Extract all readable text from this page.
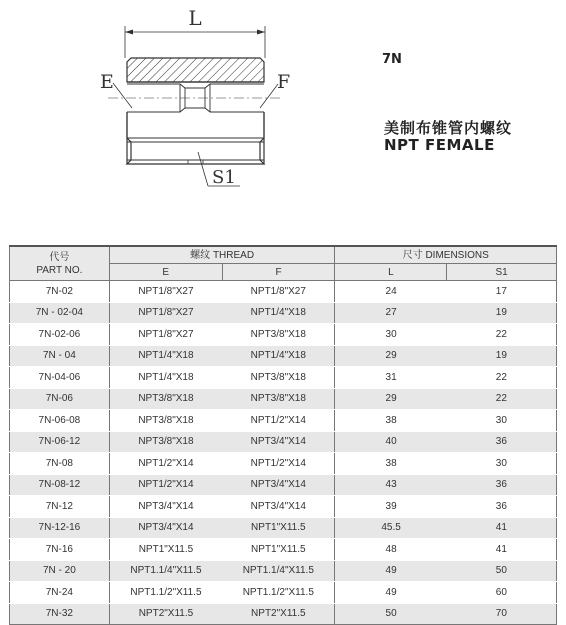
L
E	F
S1
7N
美制布锥管内螺纹
NPT FEMALE
代号
PART NO.	螺纹 THREAD		尺寸 DIMENSIONS	
	E	F	L	S1
7N-02	NPT1/8"X27	NPT1/8"X27	24	17
7N - 02-04	NPT1/8"X27	NPT1/4"X18	27	19
7N-02-06	NPT1/8"X27	NPT3/8"X18	30	22
7N - 04	NPT1/4"X18	NPT1/4"X18	29	19
7N-04-06	NPT1/4"X18	NPT3/8"X18	31	22
7N-06	NPT3/8"X18	NPT3/8"X18	29	22
7N-06-08	NPT3/8"X18	NPT1/2"X14	38	30
7N-06-12	NPT3/8"X18	NPT3/4"X14	40	36
7N-08	NPT1/2"X14	NPT1/2"X14	38	30
7N-08-12	NPT1/2"X14	NPT3/4"X14	43	36
7N-12	NPT3/4"X14	NPT3/4"X14	39	36
7N-12-16	NPT3/4"X14	NPT1"X11.5	45.5	41
7N-16	NPT1"X11.5	NPT1"X11.5	48	41
7N - 20	NPT1.1/4"X11.5	NPT1.1/4"X11.5	49	50
7N-24	NPT1.1/2"X11.5	NPT1.1/2"X11.5	49	60
7N-32	NPT2"X11.5	NPT2"X11.5	50	70
